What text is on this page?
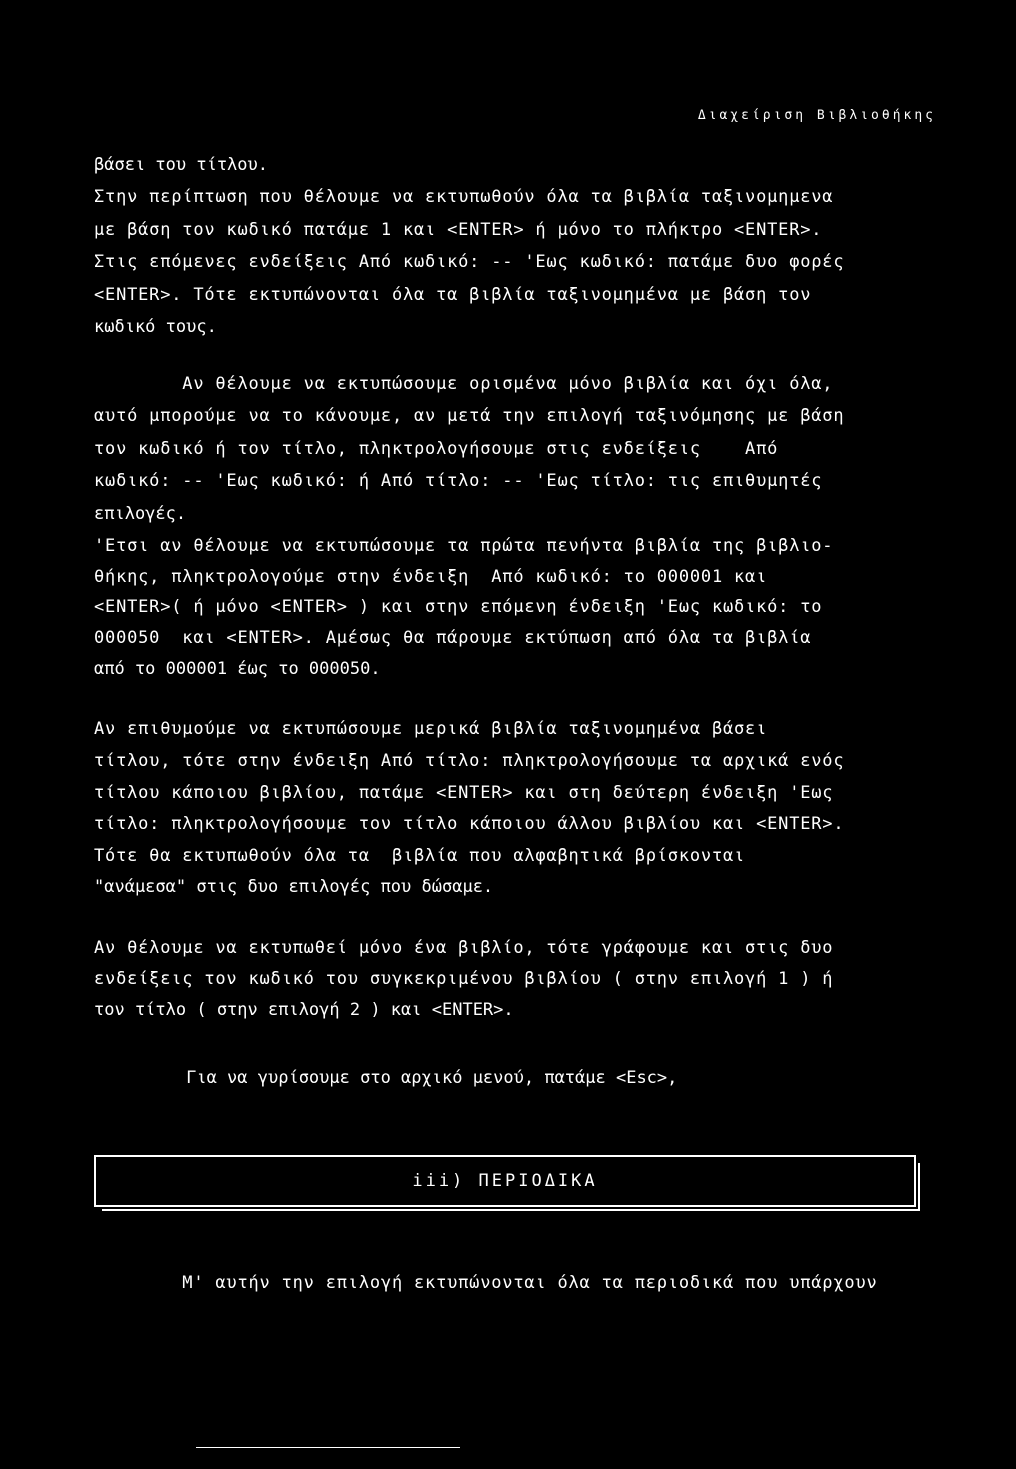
Διαχείριση Βιβλιοθήκης
βάσει του τίτλου.
Στην περίπτωση που θέλουμε να εκτυπωθούν όλα τα βιβλία ταξινομημενα
με βάση τον κωδικό πατάμε 1 και <ENTER> ή μόνο το πλήκτρο <ENTER>.
Στις επόμενες ενδείξεις Από κωδικό: -- 'Εως κωδικό: πατάμε δυο φορές
<ENTER>. Τότε εκτυπώνονται όλα τα βιβλία ταξινομημένα με βάση τον
κωδικό τους.
Αν θέλουμε να εκτυπώσουμε ορισμένα μόνο βιβλία και όχι όλα,
αυτό μπορούμε να το κάνουμε, αν μετά την επιλογή ταξινόμησης με βάση
τον κωδικό ή τον τίτλο, πληκτρολογήσουμε στις ενδείξεις    Από
κωδικό: -- 'Εως κωδικό: ή Από τίτλο: -- 'Εως τίτλο: τις επιθυμητές
επιλογές.
'Ετσι αν θέλουμε να εκτυπώσουμε τα πρώτα πενήντα βιβλία της βιβλιο-
θήκης, πληκτρολογούμε στην ένδειξη  Από κωδικό: το 000001 και
<ENTER>( ή μόνο <ENTER> ) και στην επόμενη ένδειξη 'Εως κωδικό: το
000050  και <ENTER>. Αμέσως θα πάρουμε εκτύπωση από όλα τα βιβλία
από το 000001 έως το 000050.
Αν επιθυμούμε να εκτυπώσουμε μερικά βιβλία ταξινομημένα βάσει
τίτλου, τότε στην ένδειξη Από τίτλο: πληκτρολογήσουμε τα αρχικά ενός
τίτλου κάποιου βιβλίου, πατάμε <ENTER> και στη δεύτερη ένδειξη 'Εως
τίτλο: πληκτρολογήσουμε τον τίτλο κάποιου άλλου βιβλίου και <ENTER>.
Τότε θα εκτυπωθούν όλα τα  βιβλία που αλφαβητικά βρίσκονται
"ανάμεσα" στις δυο επιλογές που δώσαμε.
Αν θέλουμε να εκτυπωθεί μόνο ένα βιβλίο, τότε γράφουμε και στις δυο
ενδείξεις τον κωδικό του συγκεκριμένου βιβλίου ( στην επιλογή 1 ) ή
τον τίτλο ( στην επιλογή 2 ) και <ENTER>.
Για να γυρίσουμε στο αρχικό μενού, πατάμε <Esc>,
iii) ΠΕΡΙΟΔΙΚΑ
Μ' αυτήν την επιλογή εκτυπώνονται όλα τα περιοδικά που υπάρχουν
